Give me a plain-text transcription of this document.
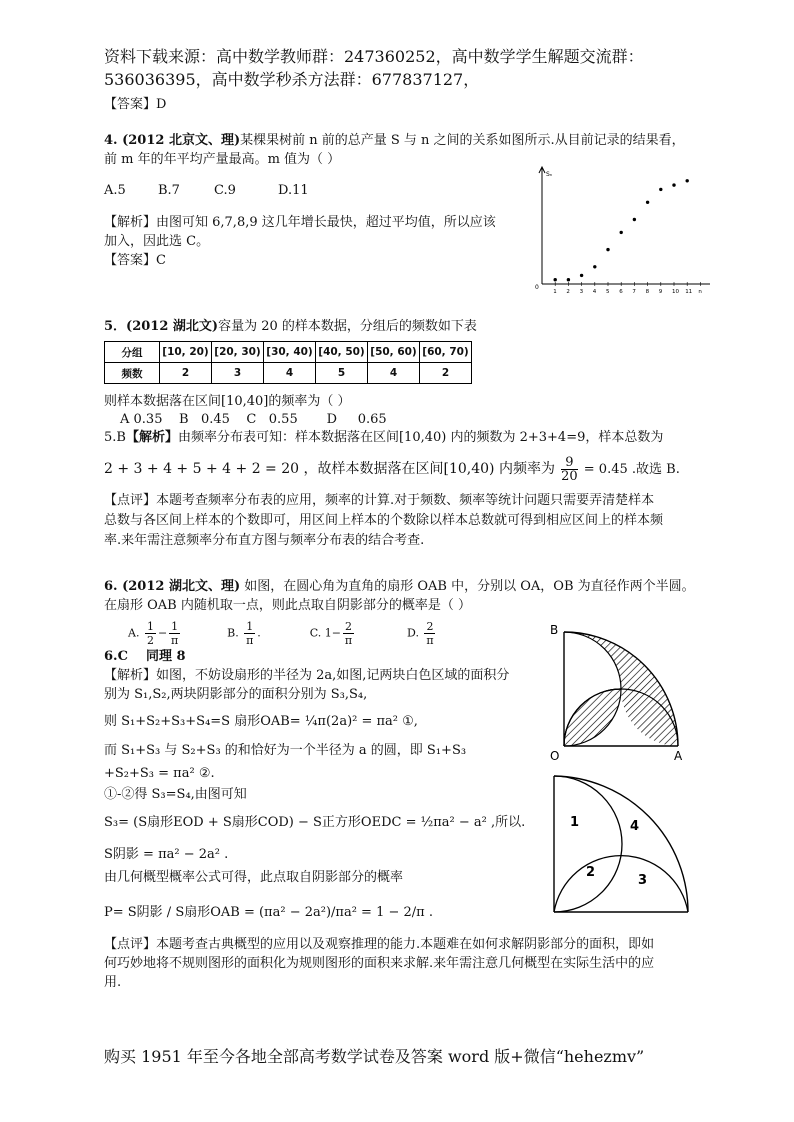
资料下载来源：高中数学教师群：247360252，高中数学学生解题交流群：
536036395，高中数学秒杀方法群：677837127，
【答案】D
4. (2012 北京文、理)某棵果树前 n 前的总产量 S 与 n 之间的关系如图所示.从目前记录的结果看，
前 m 年的年平均产量最高。m 值为（ ）
A.5 B.7	C.9	D.11
【解析】由图可知 6,7,8,9 这几年增长最快，超过平均值，所以应该
加入，因此选 C。
【答案】C
Sₙ
0
1 2 3 4 5 6 7 8 9 10 11 n
5．(2012 湖北文)容量为 20 的样本数据，分组后的频数如下表
分组	[10, 20)	[20, 30)	[30, 40)	[40, 50)	[50, 60)	[60, 70)
频数	2	3	4	5	4	2
则样本数据落在区间[10,40]的频率为（ ）
A 0.35    B   0.45    C   0.55       D     0.65
5.B【解析】由频率分布表可知：样本数据落在区间[10,40) 内的频数为 2+3+4=9，样本总数为
2 + 3 + 4 + 5 + 4 + 2 = 20 ，故样本数据落在区间[10,40) 内频率为 $\frac{9}{20} = 0.45$ .故选 B.
【点评】本题考查频率分布表的应用，频率的计算.对于频数、频率等统计问题只需要弄清楚样本
总数与各区间上样本的个数即可，用区间上样本的个数除以样本总数就可得到相应区间上的样本频
率.来年需注意频率分布直方图与频率分布表的结合考查.
6. (2012 湖北文、理) 如图，在圆心角为直角的扇形 OAB 中，分别以 OA，OB 为直径作两个半圆。
在扇形 OAB 内随机取一点，则此点取自阴影部分的概率是（ ）
A. $\frac{1}{2} - \frac{1}{\pi}$	B. $\frac{1}{\pi}$ .	C. $1- \frac{2}{\pi}$	D. $\frac{2}{\pi}$
6.C    同理 8
【解析】如图，不妨设扇形的半径为 2a,如图,记两块白色区域的面积分
别为 S₁,S₂,两块阴影部分的面积分别为 S₃,S₄,
则 S₁+S₂+S₃+S₄=S 扇形OAB= ¼π(2a)² = πa² ①,
而 S₁+S₃ 与 S₂+S₃ 的和恰好为一个半径为 a 的圆，即 S₁+S₃
+S₂+S₃ = πa² ②.
①-②得 S₃=S₄,由图可知
S₃= (S扇形EOD + S扇形COD) − S正方形OEDC = ½πa² − a² ,所以.
S阴影 = πa² − 2a² .
由几何概型概率公式可得，此点取自阴影部分的概率
P= S阴影 / S扇形OAB = (πa² − 2a²)/πa² = 1 − 2/π .
【点评】本题考查古典概型的应用以及观察推理的能力.本题难在如何求解阴影部分的面积，即如
何巧妙地将不规则图形的面积化为规则图形的面积来求解.来年需注意几何概型在实际生活中的应
用.
B
O	A
1	4
2
3
购买 1951 年至今各地全部高考数学试卷及答案 word 版+微信“hehezmv”
